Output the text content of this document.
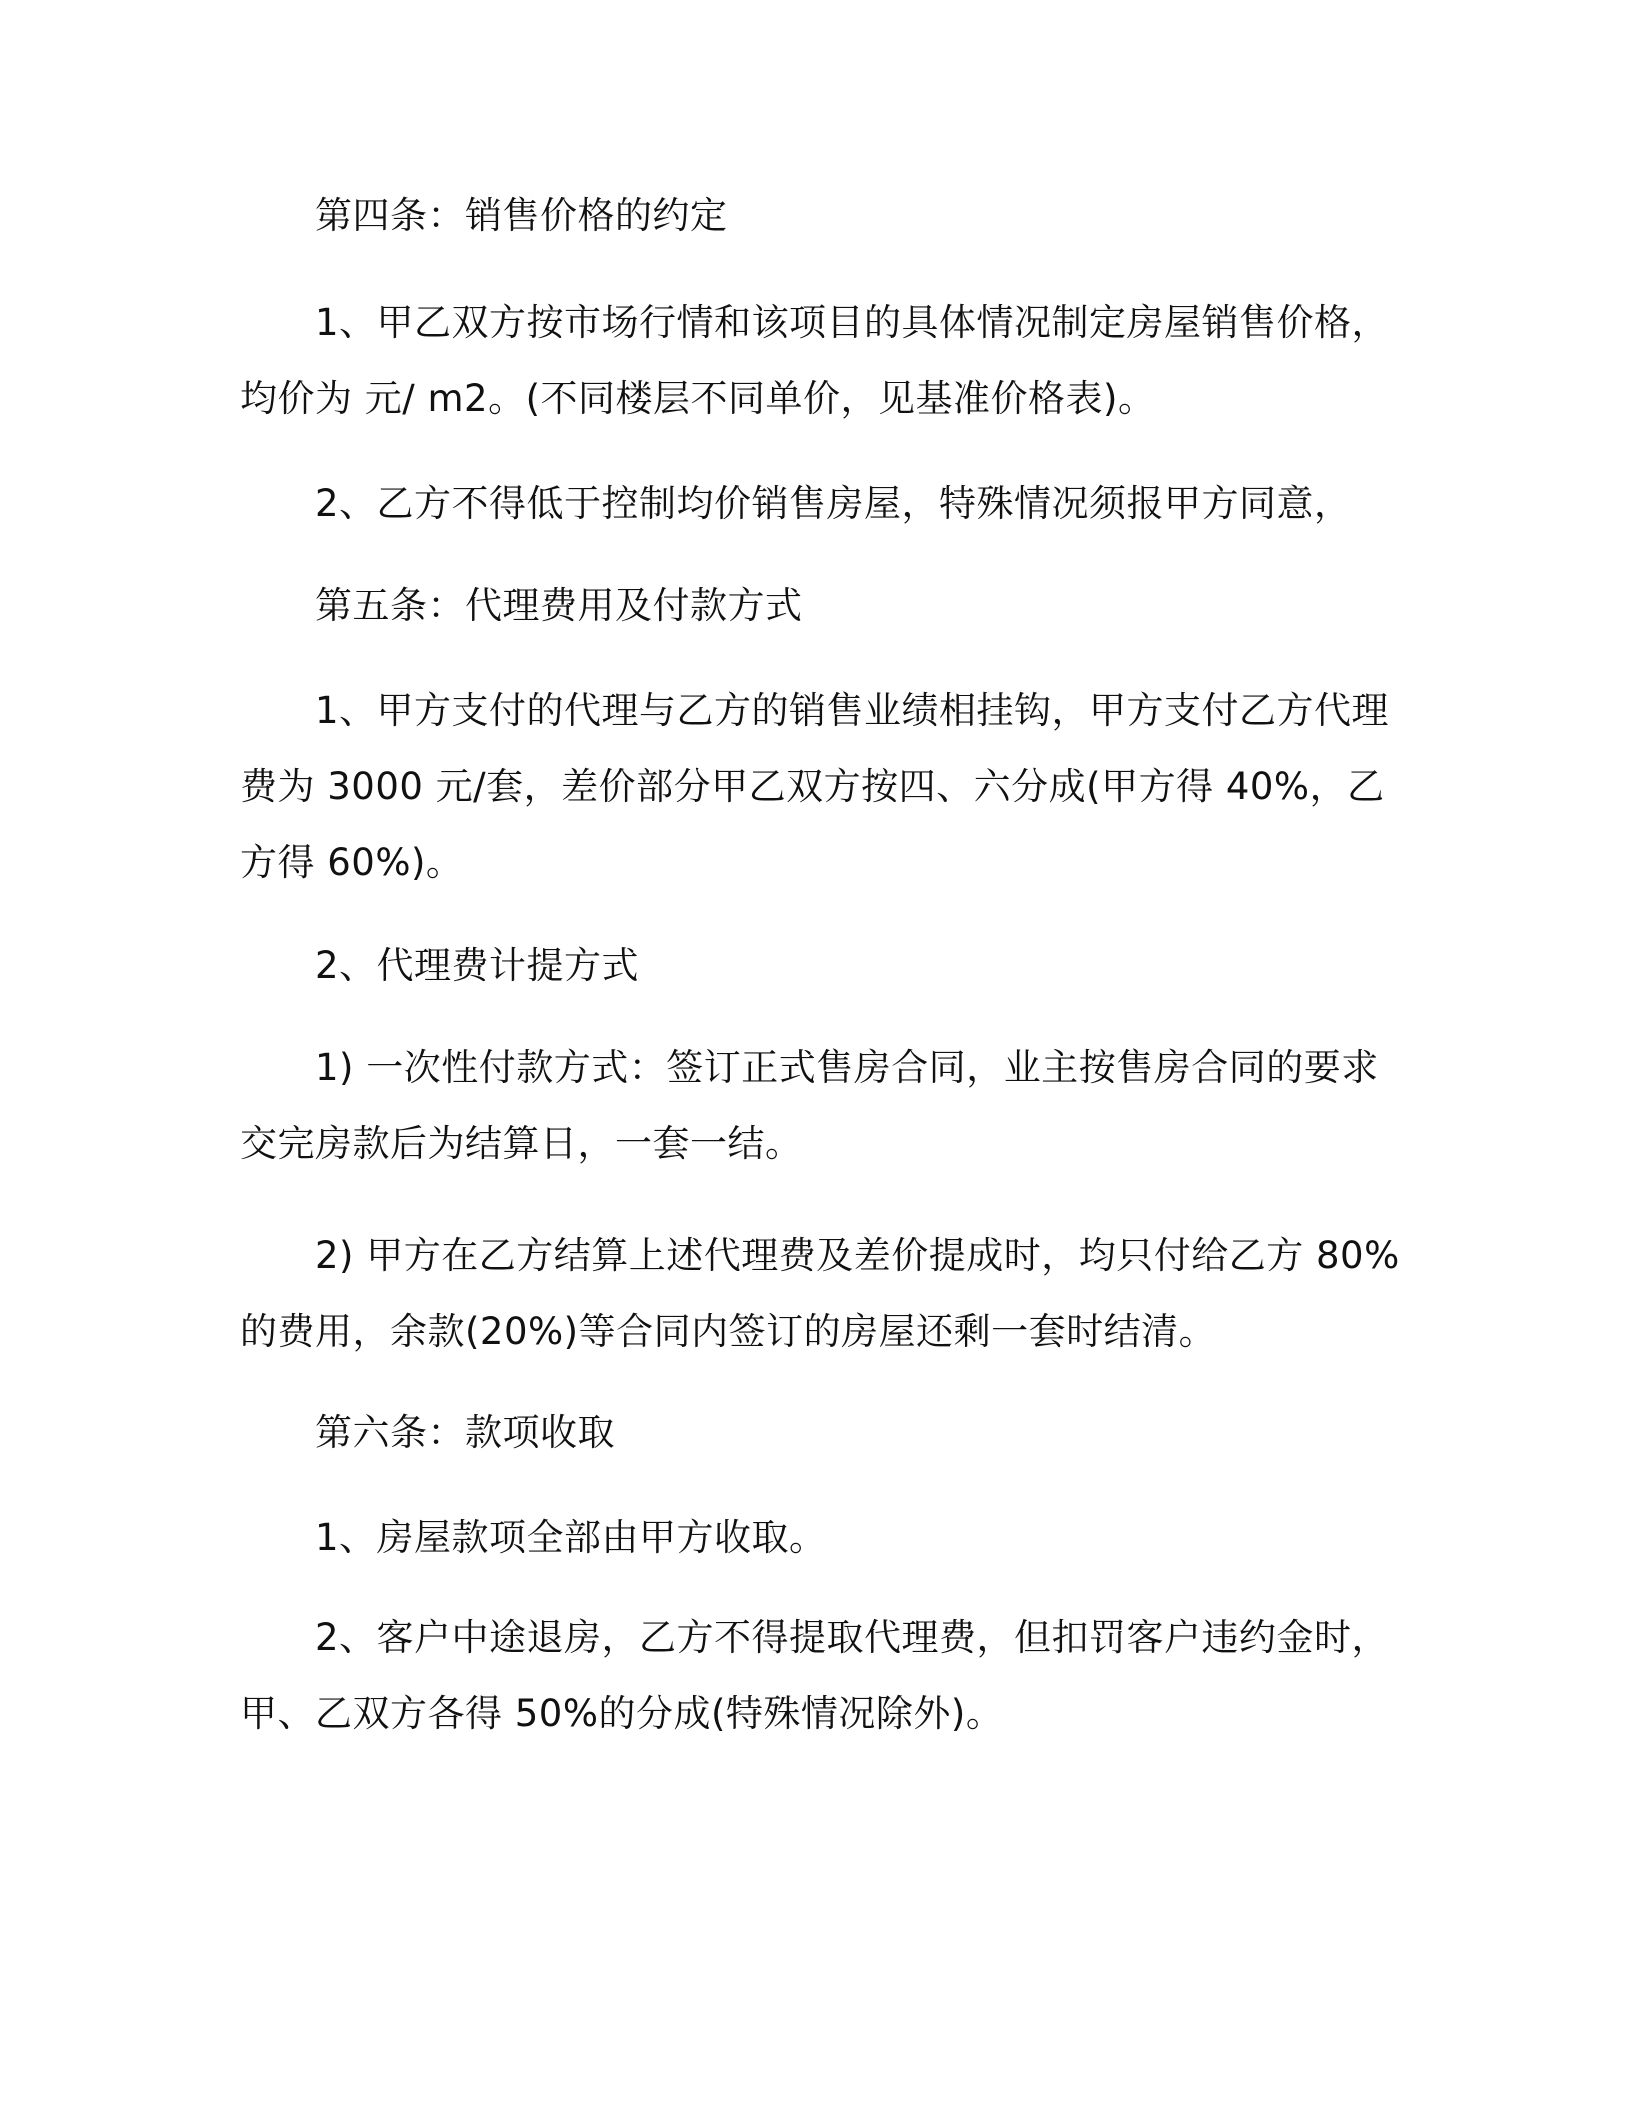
第四条：销售价格的约定

1、甲乙双方按市场行情和该项目的具体情况制定房屋销售价格，均价为 元/ m2。(不同楼层不同单价，见基准价格表)。

2、乙方不得低于控制均价销售房屋，特殊情况须报甲方同意，

第五条：代理费用及付款方式

1、甲方支付的代理与乙方的销售业绩相挂钩，甲方支付乙方代理费为 3000 元/套，差价部分甲乙双方按四、六分成(甲方得 40%，乙方得 60%)。

2、代理费计提方式

1) 一次性付款方式：签订正式售房合同，业主按售房合同的要求交完房款后为结算日，一套一结。

2) 甲方在乙方结算上述代理费及差价提成时，均只付给乙方 80%的费用，余款(20%)等合同内签订的房屋还剩一套时结清。

第六条：款项收取

1、房屋款项全部由甲方收取。

2、客户中途退房，乙方不得提取代理费，但扣罚客户违约金时，甲、乙双方各得 50%的分成(特殊情况除外)。
